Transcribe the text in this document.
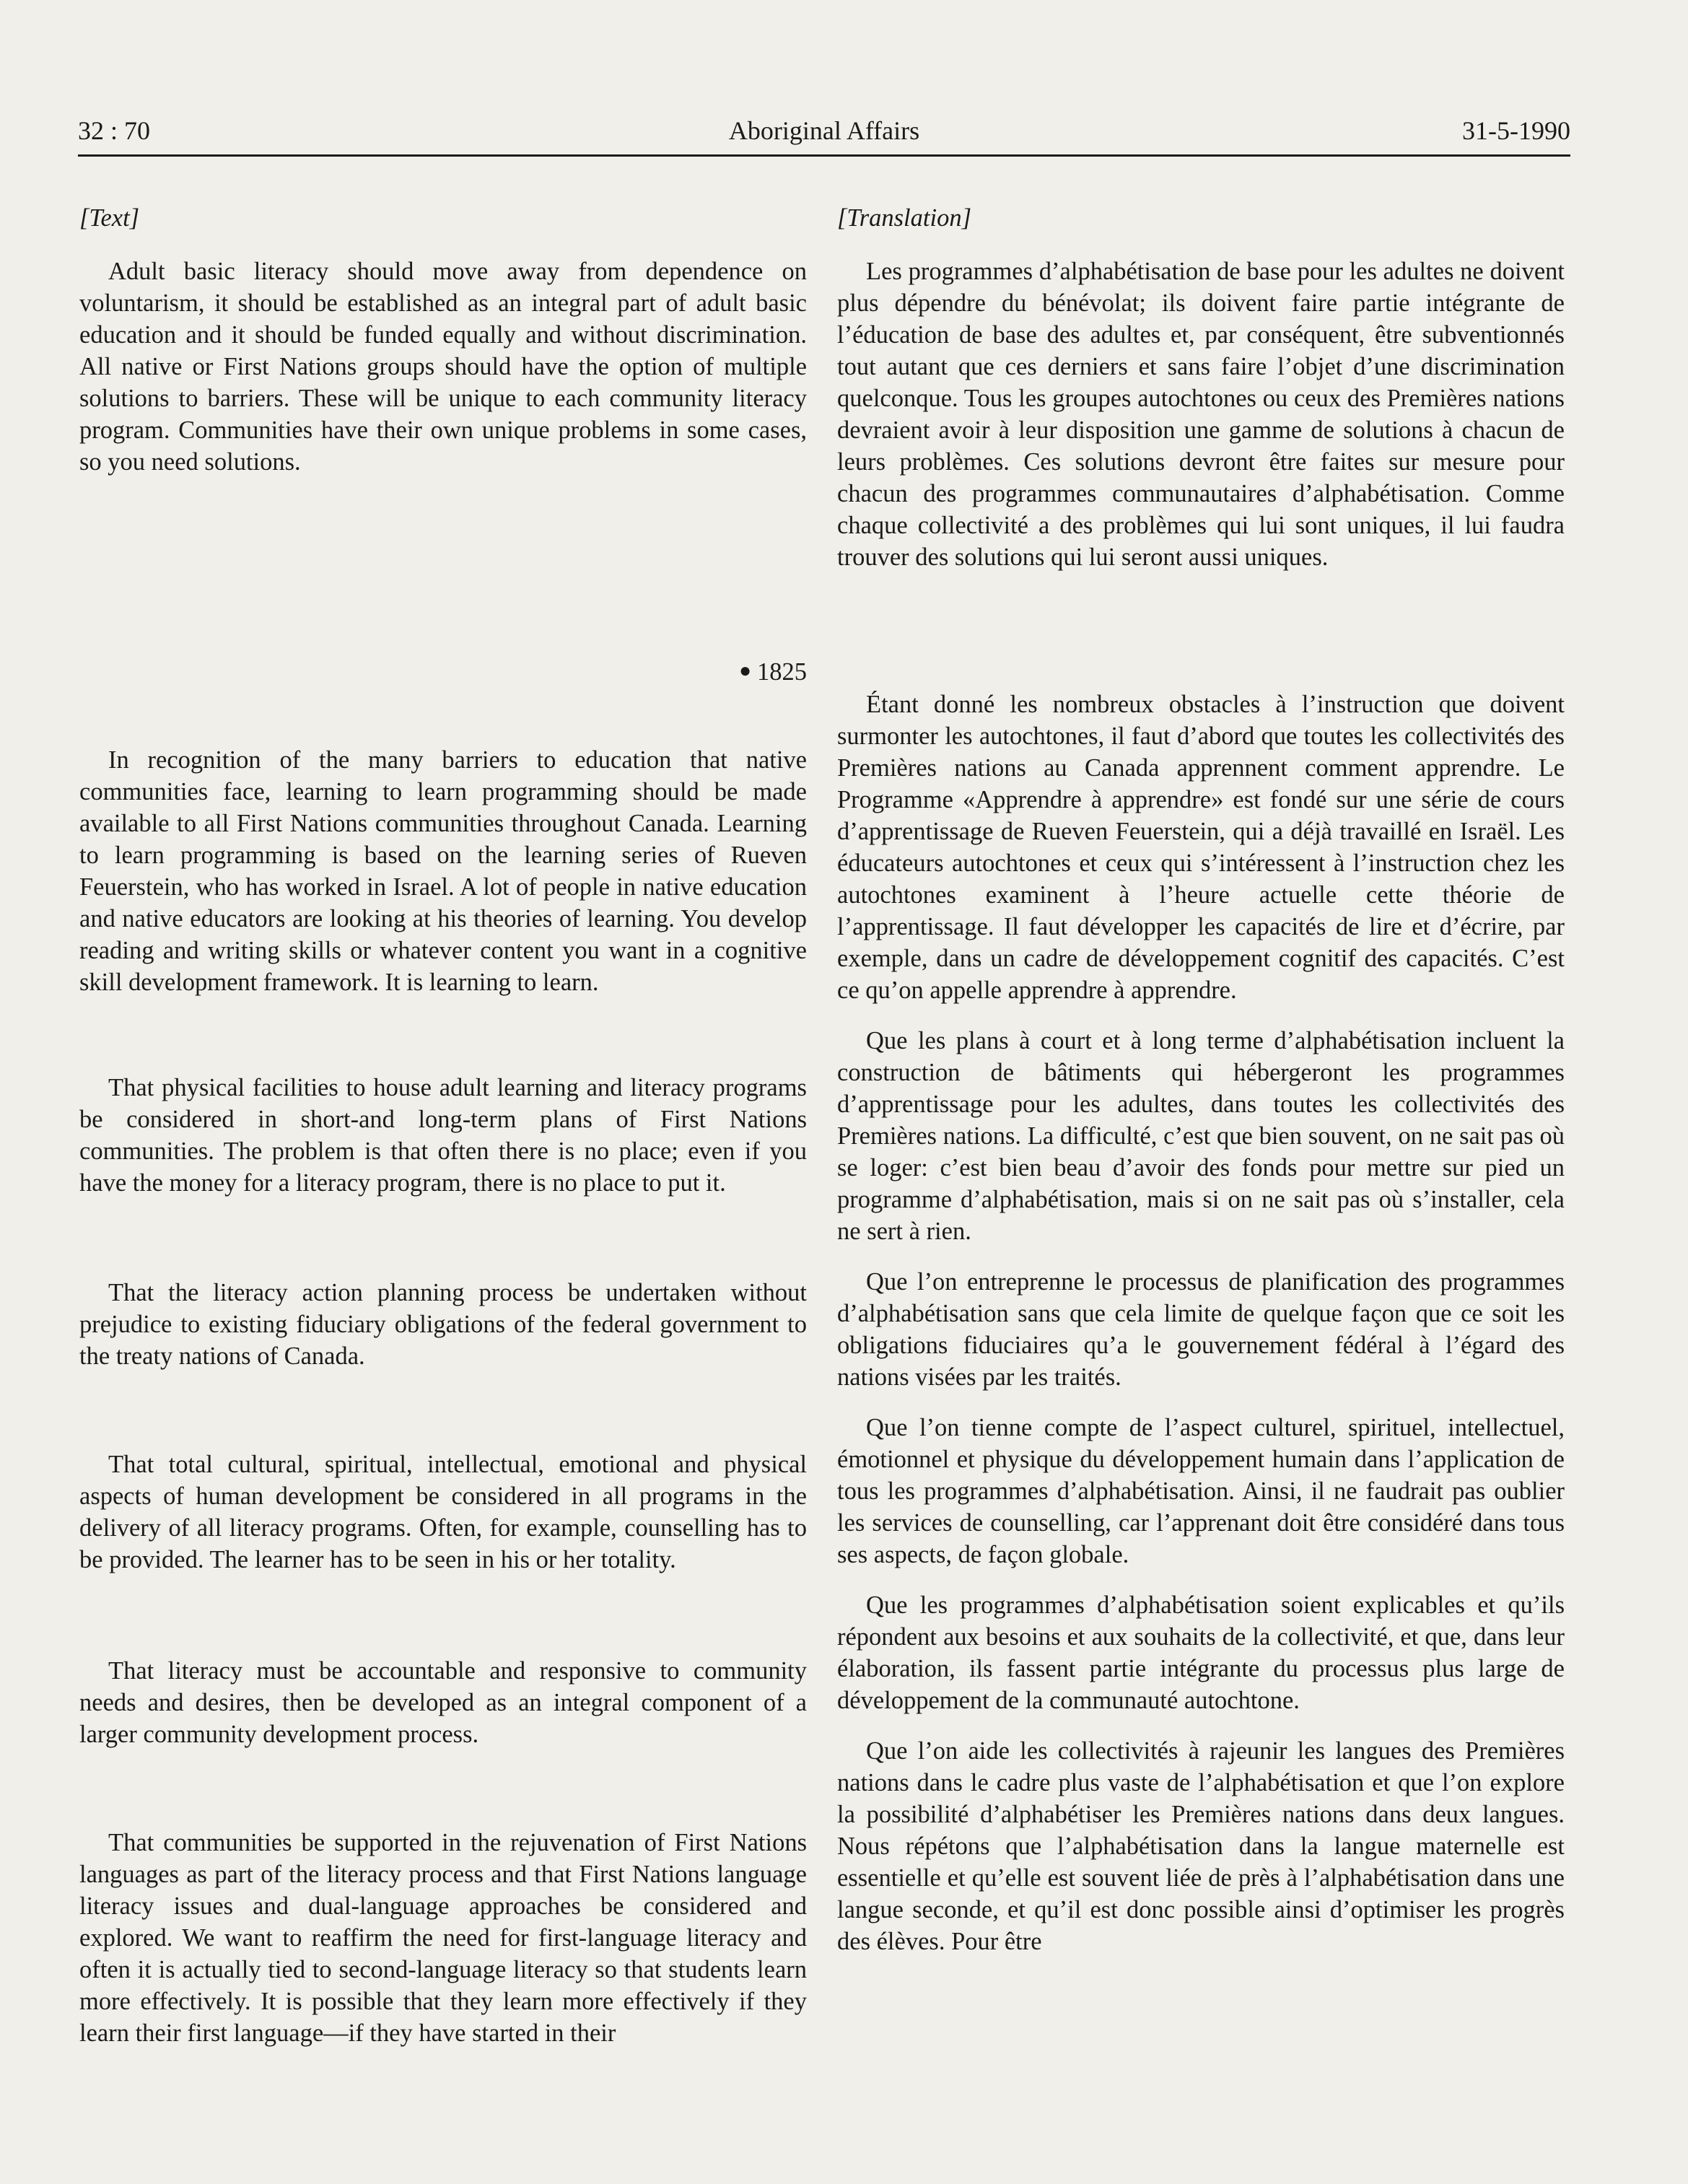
32 : 70	Aboriginal Affairs	31-5-1990

[Text]

Adult basic literacy should move away from dependence on voluntarism, it should be established as an integral part of adult basic education and it should be funded equally and without discrimination. All native or First Nations groups should have the option of multiple solutions to barriers. These will be unique to each community literacy program. Communities have their own unique problems in some cases, so you need solutions.

● 1825

In recognition of the many barriers to education that native communities face, learning to learn programming should be made available to all First Nations communities throughout Canada. Learning to learn programming is based on the learning series of Rueven Feuerstein, who has worked in Israel. A lot of people in native education and native educators are looking at his theories of learning. You develop reading and writing skills or whatever content you want in a cognitive skill development framework. It is learning to learn.

That physical facilities to house adult learning and literacy programs be considered in short-and long-term plans of First Nations communities. The problem is that often there is no place; even if you have the money for a literacy program, there is no place to put it.

That the literacy action planning process be undertaken without prejudice to existing fiduciary obligations of the federal government to the treaty nations of Canada.

That total cultural, spiritual, intellectual, emotional and physical aspects of human development be considered in all programs in the delivery of all literacy programs. Often, for example, counselling has to be provided. The learner has to be seen in his or her totality.

That literacy must be accountable and responsive to community needs and desires, then be developed as an integral component of a larger community development process.

That communities be supported in the rejuvenation of First Nations languages as part of the literacy process and that First Nations language literacy issues and dual-language approaches be considered and explored. We want to reaffirm the need for first-language literacy and often it is actually tied to second-language literacy so that students learn more effectively. It is possible that they learn more effectively if they learn their first language—if they have started in their

[Translation]

Les programmes d’alphabétisation de base pour les adultes ne doivent plus dépendre du bénévolat; ils doivent faire partie intégrante de l’éducation de base des adultes et, par conséquent, être subventionnés tout autant que ces derniers et sans faire l’objet d’une discrimination quelconque. Tous les groupes autochtones ou ceux des Premières nations devraient avoir à leur disposition une gamme de solutions à chacun de leurs problèmes. Ces solutions devront être faites sur mesure pour chacun des programmes communautaires d’alphabétisation. Comme chaque collectivité a des problèmes qui lui sont uniques, il lui faudra trouver des solutions qui lui seront aussi uniques.

Étant donné les nombreux obstacles à l’instruction que doivent surmonter les autochtones, il faut d’abord que toutes les collectivités des Premières nations au Canada apprennent comment apprendre. Le Programme «Apprendre à apprendre» est fondé sur une série de cours d’apprentissage de Rueven Feuerstein, qui a déjà travaillé en Israël. Les éducateurs autochtones et ceux qui s’intéressent à l’instruction chez les autochtones examinent à l’heure actuelle cette théorie de l’apprentissage. Il faut développer les capacités de lire et d’écrire, par exemple, dans un cadre de développement cognitif des capacités. C’est ce qu’on appelle apprendre à apprendre.

Que les plans à court et à long terme d’alphabétisation incluent la construction de bâtiments qui hébergeront les programmes d’apprentissage pour les adultes, dans toutes les collectivités des Premières nations. La difficulté, c’est que bien souvent, on ne sait pas où se loger: c’est bien beau d’avoir des fonds pour mettre sur pied un programme d’alphabétisation, mais si on ne sait pas où s’installer, cela ne sert à rien.

Que l’on entreprenne le processus de planification des programmes d’alphabétisation sans que cela limite de quelque façon que ce soit les obligations fiduciaires qu’a le gouvernement fédéral à l’égard des nations visées par les traités.

Que l’on tienne compte de l’aspect culturel, spirituel, intellectuel, émotionnel et physique du développement humain dans l’application de tous les programmes d’alphabétisation. Ainsi, il ne faudrait pas oublier les services de counselling, car l’apprenant doit être considéré dans tous ses aspects, de façon globale.

Que les programmes d’alphabétisation soient explicables et qu’ils répondent aux besoins et aux souhaits de la collectivité, et que, dans leur élaboration, ils fassent partie intégrante du processus plus large de développement de la communauté autochtone.

Que l’on aide les collectivités à rajeunir les langues des Premières nations dans le cadre plus vaste de l’alphabétisation et que l’on explore la possibilité d’alphabétiser les Premières nations dans deux langues. Nous répétons que l’alphabétisation dans la langue maternelle est essentielle et qu’elle est souvent liée de près à l’alphabétisation dans une langue seconde, et qu’il est donc possible ainsi d’optimiser les progrès des élèves. Pour être
